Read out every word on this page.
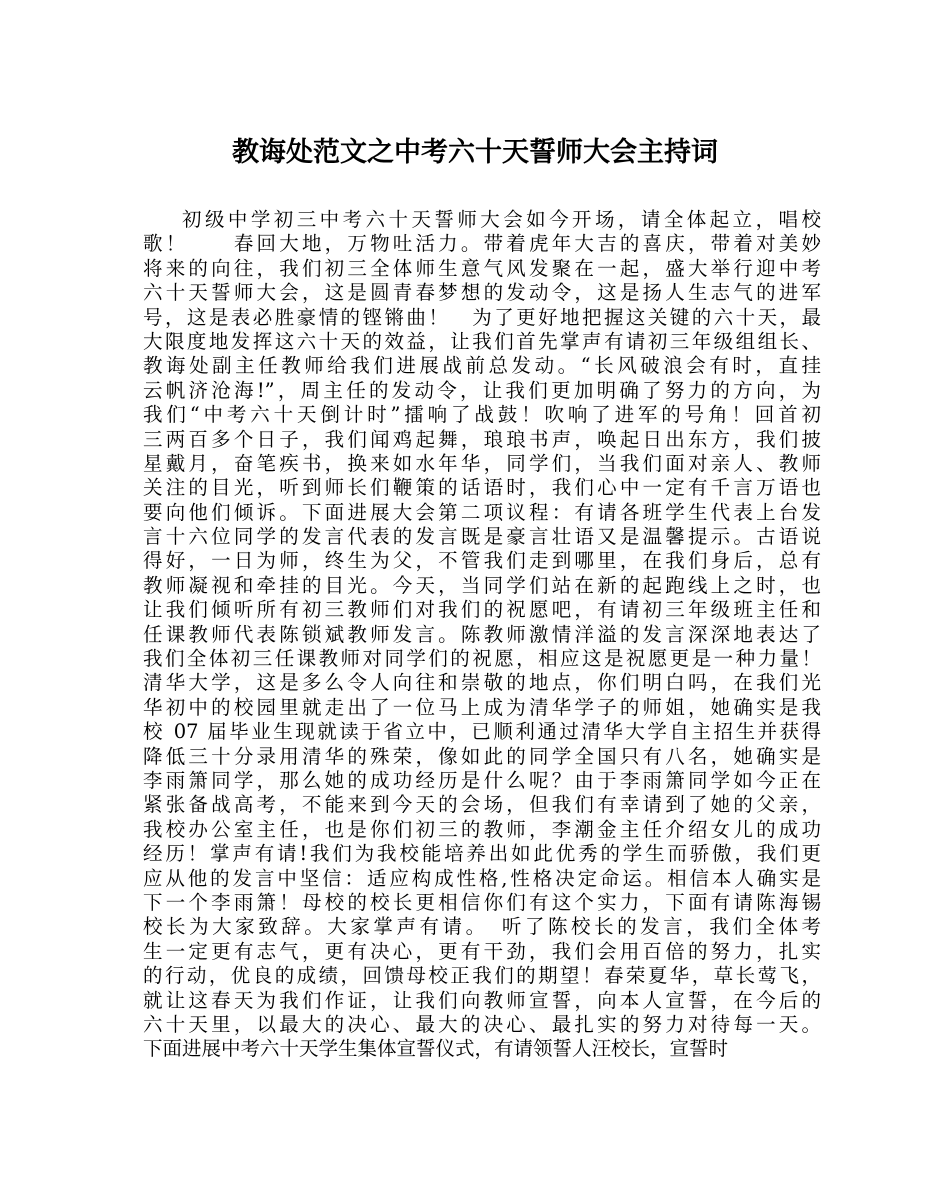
教诲处范文之中考六十天誓师大会主持词
初级中学初三中考六十天誓师大会如今开场，请全体起立，唱校
歌！　　春回大地，万物吐活力。带着虎年大吉的喜庆，带着对美妙
将来的向往，我们初三全体师生意气风发聚在一起，盛大举行迎中考
六十天誓师大会，这是圆青春梦想的发动令，这是扬人生志气的进军
号，这是表必胜豪情的铿锵曲！　为了更好地把握这关键的六十天，最
大限度地发挥这六十天的效益，让我们首先掌声有请初三年级组组长、
教诲处副主任教师给我们进展战前总发动。“长风破浪会有时，直挂
云帆济沧海!”，周主任的发动令，让我们更加明确了努力的方向，为
我们“中考六十天倒计时”擂响了战鼓！吹响了进军的号角！回首初
三两百多个日子，我们闻鸡起舞，琅琅书声，唤起日出东方，我们披
星戴月，奋笔疾书，换来如水年华，同学们，当我们面对亲人、教师
关注的目光，听到师长们鞭策的话语时，我们心中一定有千言万语也
要向他们倾诉。下面进展大会第二项议程：有请各班学生代表上台发
言十六位同学的发言代表的发言既是豪言壮语又是温馨提示。古语说
得好，一日为师，终生为父，不管我们走到哪里，在我们身后，总有
教师凝视和牵挂的目光。今天，当同学们站在新的起跑线上之时，也
让我们倾听所有初三教师们对我们的祝愿吧，有请初三年级班主任和
任课教师代表陈锁斌教师发言。陈教师激情洋溢的发言深深地表达了
我们全体初三任课教师对同学们的祝愿，相应这是祝愿更是一种力量！
清华大学，这是多么令人向往和崇敬的地点，你们明白吗，在我们光
华初中的校园里就走出了一位马上成为清华学子的师姐，她确实是我
校 07 届毕业生现就读于省立中，已顺利通过清华大学自主招生并获得
降低三十分录用清华的殊荣，像如此的同学全国只有八名，她确实是
李雨箫同学，那么她的成功经历是什么呢？由于李雨箫同学如今正在
紧张备战高考，不能来到今天的会场，但我们有幸请到了她的父亲，
我校办公室主任，也是你们初三的教师，李潮金主任介绍女儿的成功
经历！掌声有请!我们为我校能培养出如此优秀的学生而骄傲，我们更
应从他的发言中坚信：适应构成性格,性格决定命运。相信本人确实是
下一个李雨箫！母校的校长更相信你们有这个实力，下面有请陈海锡
校长为大家致辞。大家掌声有请。　听了陈校长的发言，我们全体考
生一定更有志气，更有决心，更有干劲，我们会用百倍的努力，扎实
的行动，优良的成绩，回馈母校正我们的期望！春荣夏华，草长莺飞，
就让这春天为我们作证，让我们向教师宣誓，向本人宣誓，在今后的
六十天里，以最大的决心、最大的决心、最扎实的努力对待每一天。
下面进展中考六十天学生集体宣誓仪式，有请领誓人汪校长，宣誓时
